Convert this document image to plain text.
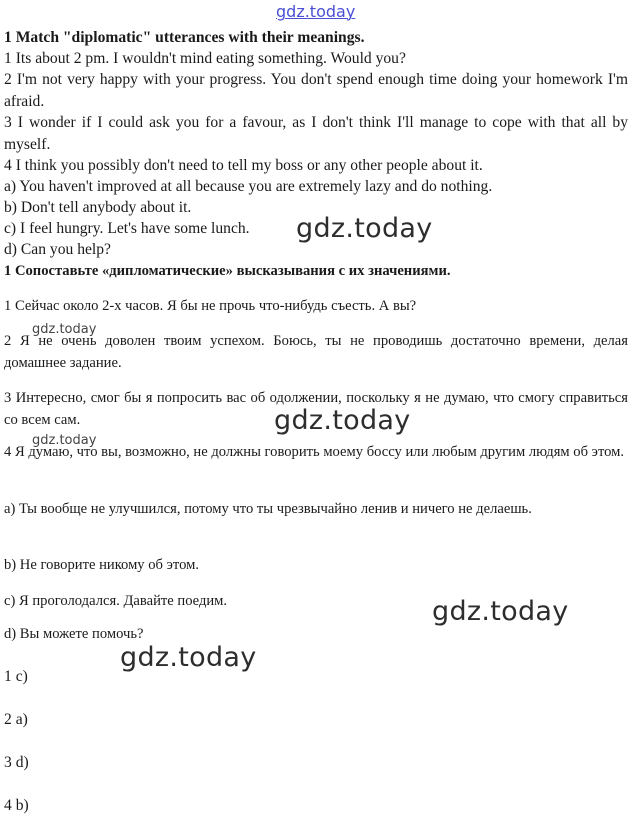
gdz.today
gdz.today
gdz.today
gdz.today
gdz.today
gdz.today
gdz.today
1 Match "diplomatic" utterances with their meanings.
1 Its about 2 pm. I wouldn't mind eating something. Would you?
2 I'm not very happy with your progress. You don't spend enough time doing your homework I'm afraid.
3 I wonder if I could ask you for a favour, as I don't think I'll manage to cope with that all by myself.
4 I think you possibly don't need to tell my boss or any other people about it.
a) You haven't improved at all because you are extremely lazy and do nothing.
b) Don't tell anybody about it.
c) I feel hungry. Let's have some lunch.
d) Can you help?
1 Сопоставьте «дипломатические» высказывания с их значениями.
1 Сейчас около 2-х часов. Я бы не прочь что-нибудь съесть. А вы?
2 Я не очень доволен твоим успехом. Боюсь, ты не проводишь достаточно времени, делая домашнее задание.
3 Интересно, смог бы я попросить вас об одолжении, поскольку я не думаю, что смогу справиться со всем сам.
4 Я думаю, что вы, возможно, не должны говорить моему боссу или любым другим людям об этом.
a) Ты вообще не улучшился, потому что ты чрезвычайно ленив и ничего не делаешь.
b) Не говорите никому об этом.
c) Я проголодался. Давайте поедим.
d) Вы можете помочь?
1 c)
2 a)
3 d)
4 b)
